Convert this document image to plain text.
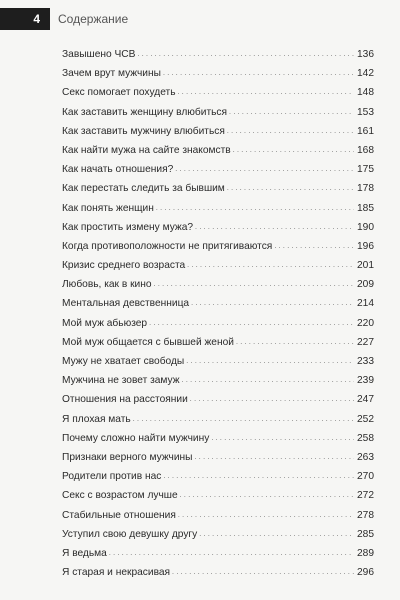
4	Содержание
Завышено ЧСВ . . .	136
Зачем врут мужчины . . .	142
Секс помогает похудеть . . .	148
Как заставить женщину влюбиться . . .	153
Как заставить мужчину влюбиться . . .	161
Как найти мужа на сайте знакомств . . .	168
Как начать отношения? . . .	175
Как перестать следить за бывшим . . .	178
Как понять женщин . . .	185
Как простить измену мужа? . . .	190
Когда противоположности не притягиваются . . .	196
Кризис среднего возраста . . .	201
Любовь, как в кино . . .	209
Ментальная девственница . . .	214
Мой муж абьюзер . . .	220
Мой муж общается с бывшей женой . . .	227
Мужу не хватает свободы . . .	233
Мужчина не зовет замуж . . .	239
Отношения на расстоянии . . .	247
Я плохая мать . . .	252
Почему сложно найти мужчину . . .	258
Признаки верного мужчины . . .	263
Родители против нас . . .	270
Секс с возрастом лучше . . .	272
Стабильные отношения . . .	278
Уступил свою девушку другу . . .	285
Я ведьма . . .	289
Я старая и некрасивая . . .	296
